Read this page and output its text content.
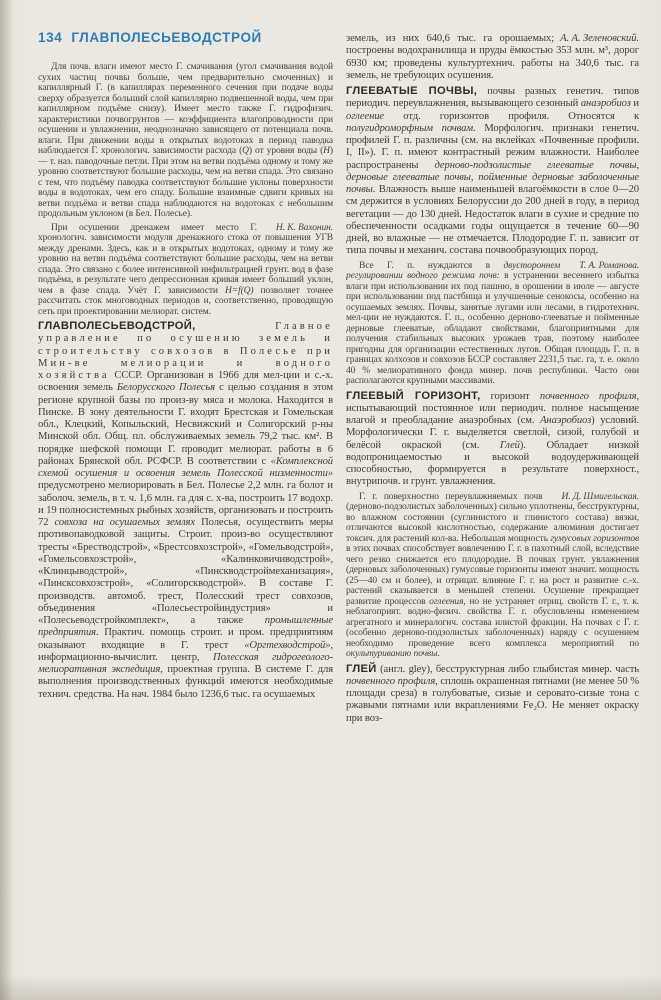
134 ГЛАВПОЛЕСЬЕВОДСТРОЙ

Для почв. влаги имеют место Г. смачивания (угол смачивания водой сухих частиц почвы больше, чем предварительно смоченных) и капиллярный Г. (в капиллярах переменного сечения при подаче воды сверху образуется больший слой капиллярно подвешенной воды, чем при капиллярном подъёме снизу). Имеет место также Г. гидрофизич. характеристики почвогрунтов — коэффициента влагопроводности при осушении и увлажнении, неоднозначно зависящего от потенциала почв. влаги. При движении воды в открытых водотоках в период паводка наблюдается Г. хронологич. зависимости расхода (Q) от уровня воды (H) — т. наз. паводочные петли. При этом на ветви подъёма одному и тому же уровню соответствуют бо́льшие расходы, чем на ветви спада. Это связано с тем, что подъёму паводка соответствуют бо́льшие уклоны поверхности воды в водотоках, чем его спаду. Большие взаимные сдвиги кривых на ветви подъёма и ветви спада наблюдаются на водотоках с небольшим продольным уклоном (в Бел. Полесье).

Н. К. Вахонин.
При осушении дренажем имеет место Г. хронологич. зависимости модуля дренажного стока от повышения УГВ между дренами. Здесь, как и в открытых водотоках, одному и тому же уровню на ветви подъёма соответствуют бо́льшие расходы, чем на ветви спада. Это связано с более интенсивной инфильтрацией грунт. вод в фазе подъёма, в результате чего депрессионная кривая имеет больший уклон, чем в фазе спада. Учёт Г. зависимости H=f(Q) позволяет точнее рассчитать сток многоводных периодов и, соответственно, проводящую сеть при проектировании мелиорат. систем.

ГЛАВПОЛЕСЬЕВОДСТРОЙ, Главное управление по осушению земель и строительству совхозов в Полесье при Мин-ве мелиорации и водного хозяйства СССР. Организован в 1966 для мел-ции и с.-х. освоения земель Белорусского Полесья с целью создания в этом регионе крупной базы по произ-ву мяса и молока. Находится в Пинске. В зону деятельности Г. входят Брестская и Гомельская обл., Клецкий, Копыльский, Несвижский и Солигорский р-ны Минской обл. Общ. пл. обслуживаемых земель 79,2 тыс. км². В порядке шефской помощи Г. проводит мелиорат. работы в 6 районах Брянской обл. РСФСР. В соответствии с «Комплексной схемой осушения и освоения земель Полесской низменности» предусмотрено мелиорировать в Бел. Полесье 2,2 млн. га болот и заболоч. земель, в т. ч. 1,6 млн. га для с. х-ва, построить 17 водохр. и 19 полносистемных рыбных хозяйств, организовать и построить 72 совхоза на осушаемых землях Полесья, осуществить меры противопаводковой защиты. Строит. произ-во осуществляют тресты «Брестводстрой», «Брестсовхозстрой», «Гомельводстрой», «Гомельсовхозстрой», «Калинковичиводстрой», «Клинцыводстрой», «Пинскводстроймеханизация», «Пинсксовхозстрой», «Солигорскводстрой». В составе Г. производств. автомоб. трест, Полесский трест совхозов, объединения «Полесьестройиндустрия» и «Полесьеводстройкомплект», а также промышленные предприятия. Практич. помощь строит. и пром. предприятиям оказывают входящие в Г. трест «Оргтехводстрой», информационно-вычислит. центр, Полесская гидрогеолого-мелиоративная экспедиция, проектная группа. В системе Г. для выполнения производственных функций имеются необходимые технич. средства. На нач. 1984 было 1236,6 тыс. га осушаемых

А. А. Зеленовский.
земель, из них 640,6 тыс. га орошаемых; построены водохранилища и пруды ёмкостью 353 млн. м³, дорог 6930 км; проведены культуртехнич. работы на 340,6 тыс. га земель, не требующих осушения.

ГЛЕЕВАТЫЕ ПОЧВЫ, почвы разных генетич. типов периодич. переувлажнения, вызывающего сезонный анаэробиоз и оглеение отд. горизонтов профиля. Относятся к полугидроморфным почвам. Морфологич. признаки генетич. профилей Г. п. различны (см. на вклейках «Почвенные профили. I, II»). Г. п. имеют контрастный режим влажности. Наиболее распространены дерново-подзолистые глееватые почвы, дерновые глееватые почвы, пойменные дерновые заболоченные почвы. Влажность выше наименьшей влагоёмкости в слое 0—20 см держится в условиях Белоруссии до 200 дней в году, в период вегетации — до 130 дней. Недостаток влаги в сухие и средние по обеспеченности осадками годы ощущается в течение 60—90 дней, во влажные — не отмечается. Плодородие Г. п. зависит от типа почвы и механич. состава почвообразующих пород.

Т. А. Романова.
Все Г. п. нуждаются в двустороннем регулировании водного режима почв: в устранении весеннего избытка влаги при использовании их под пашню, в орошении в июле — августе при использовании под пастбища и улучшенные сенокосы, особенно на осушаемых землях. Почвы, занятые лугами или лесами, в гидротехнич. мел-ции не нуждаются. Г. п., особенно дерново-глееватые и пойменные дерновые глееватые, обладают свойствами, благоприятными для получения стабильных высоких урожаев трав, поэтому наиболее пригодны для организации естественных лугов. Общая площадь Г. п. в границах колхозов и совхозов БССР составляет 2231,5 тыс. га, т. е. около 40 % мелиоративного фонда минер. почв республики. Часто они располагаются крупными массивами.

ГЛЕЕВЫЙ ГОРИЗОНТ, горизонт почвенного профиля, испытывающий постоянное или периодич. полное насыщение влагой и преобладание анаэробных (см. Анаэробиоз) условий. Морфологически Г. г. выделяется светлой, сизой, голубой и белёсой окраской (см. Глей). Обладает низкой водопроницаемостью и высокой водоудерживающей способностью, формируется в результате поверхност., внутрипочв. и грунт. увлажнения.

И. Д. Шмигельская.
Г. г. поверхностно переувлажняемых почв (дерново-подзолистых заболоченных) сильно уплотнены, бесструктурны, во влажном состоянии (суглинистого и глинистого состава) вязки, отличаются высокой кислотностью, содержание алюминия достигает токсич. для растений кол-ва. Небольшая мощность гумусовых горизонтов в этих почвах способствует вовлечению Г. г. в пахотный слой, вследствие чего резко снижается его плодородие. В почвах грунт. увлажнения (дерновых заболоченных) гумусовые горизонты имеют значит. мощность (25—40 см и более), и отрицат. влияние Г. г. на рост и развитие с.-х. растений сказывается в меньшей степени. Осушение прекращает развитие процессов оглеения, но не устраняет отриц. свойств Г. г., т. к. неблагоприят. водно-физич. свойства Г. г. обусловлены изменением агрегатного и минералогич. состава илистой фракции. На почвах с Г. г. (особенно дерново-подзолистых заболоченных) наряду с осушением необходимо проведение всего комплекса мероприятий по окультуриванию почвы.

ГЛЕЙ (англ. gley), бесструктурная либо глыбистая минер. часть почвенного профиля, сплошь окрашенная пятнами (не менее 50 % площади среза) в голубоватые, сизые и серовато-сизые тона с ржавыми пятнами или вкраплениями Fe₂O. Не меняет окраску при воз-
